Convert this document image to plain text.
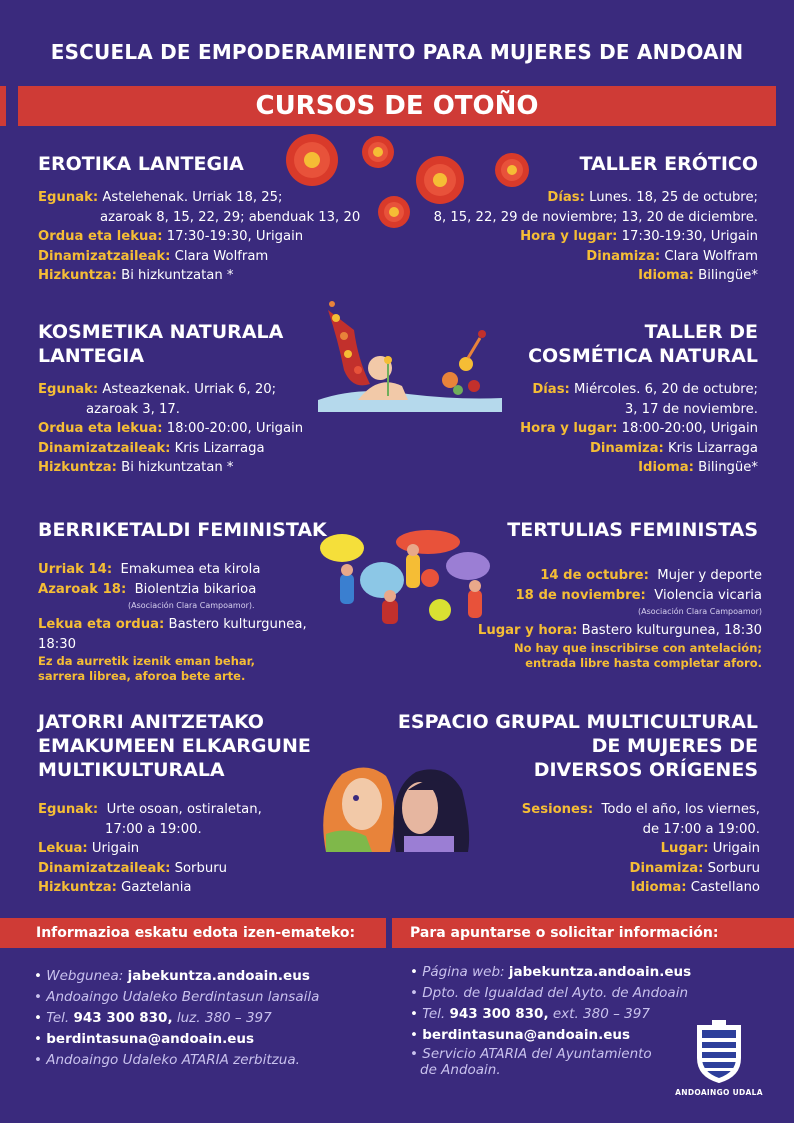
ESCUELA DE EMPODERAMIENTO PARA MUJERES DE ANDOAIN
CURSOS DE OTOÑO
EROTIKA LANTEGIA	TALLER ERÓTICO
Egunak: Astelehenak. Urriak 18, 25;
azaroak 8, 15, 22, 29; abenduak 13, 20
Ordua eta lekua: 17:30-19:30, Urigain
Dinamizatzaileak: Clara Wolfram
Hizkuntza: Bi hizkuntzatan *
Días: Lunes. 18, 25 de octubre;
8, 15, 22, 29 de noviembre; 13, 20 de diciembre.
Hora y lugar: 17:30-19:30, Urigain
Dinamiza: Clara Wolfram
Idioma: Bilingüe*
KOSMETIKA NATURALA
LANTEGIA
TALLER DE
COSMÉTICA NATURAL
Egunak: Asteazkenak. Urriak 6, 20;
azaroak 3, 17.
Orduа eta lekua: 18:00-20:00, Urigain
Dinamizatzaileak: Kris Lizarraga
Hizkuntza: Bi hizkuntzatan *
Días: Miércoles. 6, 20 de octubre;
3, 17 de noviembre.
Hora y lugar: 18:00-20:00, Urigain
Dinamiza: Kris Lizarraga
Idioma: Bilingüe*
BERRIKETALDI FEMINISTAK	TERTULIAS FEMINISTAS
Urriak 14: Emakumea eta kirola
Azaroak 18: Biolentzia bikarioa
(Asociación Clara Campoamor).
Lekua eta ordua: Bastero kulturgunea, 18:30
Ez da aurretik izenik eman behar,
sarrera librea, aforoa bete arte.
14 de octubre: Mujer y deporte
18 de noviembre: Violencia vicaria
(Asociación Clara Campoamor)
Lugar y hora: Bastero kulturgunea, 18:30
No hay que inscribirse con antelación;
entrada libre hasta completar aforo.
JATORRI ANITZETAKO
EMAKUMEEN ELKARGUNE
MULTIKULTURALA
ESPACIO GRUPAL MULTICULTURAL
DE MUJERES DE
DIVERSOS ORÍGENES
Egunak: Urte osoan, ostiraletan,
17:00 a 19:00.
Lekua: Urigain
Dinamizatzaileak: Sorburu
Hizkuntza: Gaztelania
Sesiones: Todo el año, los viernes,
de 17:00 a 19:00.
Lugar: Urigain
Dinamiza: Sorburu
Idioma: Castellano
Informazioa eskatu edota izen-emateko:	Para apuntarse o solicitar información:
• Webgunea: jabekuntza.andoain.eus
• Andoaingo Udaleko Berdintasun lansaila
• Tel. 943 300 830, luz. 380 – 397
• berdintasuna@andoain.eus
• Andoaingo Udaleko ATARIA zerbitzua.
• Página web: jabekuntza.andoain.eus
• Dpto. de Igualdad del Ayto. de Andoain
• Tel. 943 300 830, ext. 380 – 397
• berdintasuna@andoain.eus
• Servicio ATARIA del Ayuntamiento
de Andoain.
ANDOAINGO UDALA
